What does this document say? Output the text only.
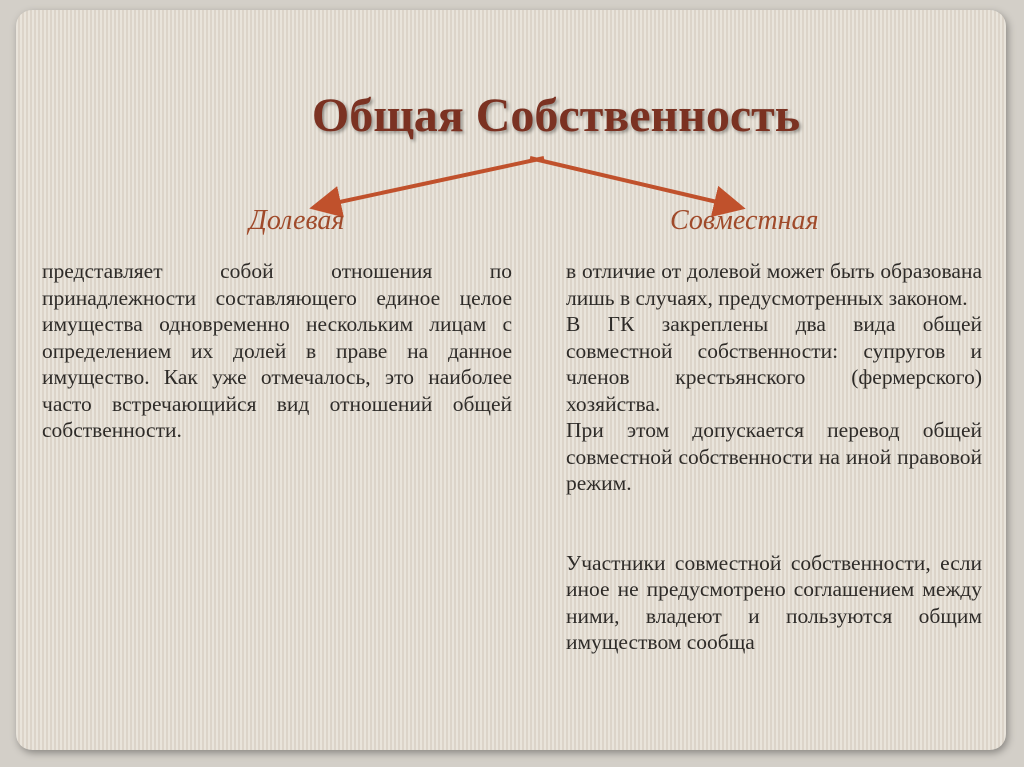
Общая Собственность
Долевая	Совместная

представляет собой отношения по принадлежности составляющего единое целое имущества одновременно нескольким лицам с определением их долей в праве на данное имущество. Как уже отмечалось, это наиболее часто встречающийся вид отношений общей собственности.

в отличие от долевой может быть образована лишь в случаях, предусмотренных законом.

В ГК закреплены два вида общей совместной собственности: супругов и членов крестьянского (фермерского) хозяйства.

При этом допускается перевод общей совместной собственности на иной правовой режим.

Участники совместной собственности, если иное не предусмотрено соглашением между ними, владеют и пользуются общим имуществом сообща
